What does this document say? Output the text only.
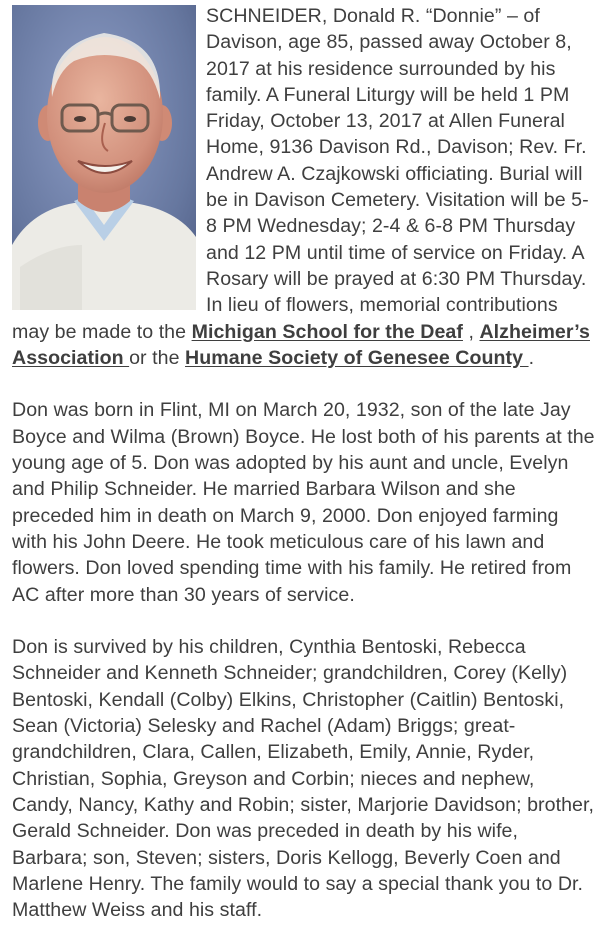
SCHNEIDER, Donald R. “Donnie” – of Davison, age 85, passed away October 8, 2017 at his residence surrounded by his family. A Funeral Liturgy will be held 1 PM Friday, October 13, 2017 at Allen Funeral Home, 9136 Davison Rd., Davison; Rev. Fr. Andrew A. Czajkowski officiating. Burial will be in Davison Cemetery. Visitation will be 5-8 PM Wednesday; 2-4 & 6-8 PM Thursday and 12 PM until time of service on Friday. A Rosary will be prayed at 6:30 PM Thursday. In lieu of flowers, memorial contributions may be made to the Michigan School for the Deaf , Alzheimer’s Association or the Humane Society of Genesee County .

Don was born in Flint, MI on March 20, 1932, son of the late Jay Boyce and Wilma (Brown) Boyce. He lost both of his parents at the young age of 5. Don was adopted by his aunt and uncle, Evelyn and Philip Schneider. He married Barbara Wilson and she preceded him in death on March 9, 2000. Don enjoyed farming with his John Deere. He took meticulous care of his lawn and flowers. Don loved spending time with his family. He retired from AC after more than 30 years of service.

Don is survived by his children, Cynthia Bentoski, Rebecca Schneider and Kenneth Schneider; grandchildren, Corey (Kelly) Bentoski, Kendall (Colby) Elkins, Christopher (Caitlin) Bentoski, Sean (Victoria) Selesky and Rachel (Adam) Briggs; great-grandchildren, Clara, Callen, Elizabeth, Emily, Annie, Ryder, Christian, Sophia, Greyson and Corbin; nieces and nephew, Candy, Nancy, Kathy and Robin; sister, Marjorie Davidson; brother, Gerald Schneider. Don was preceded in death by his wife, Barbara; son, Steven; sisters, Doris Kellogg, Beverly Coen and Marlene Henry. The family would to say a special thank you to Dr. Matthew Weiss and his staff.
